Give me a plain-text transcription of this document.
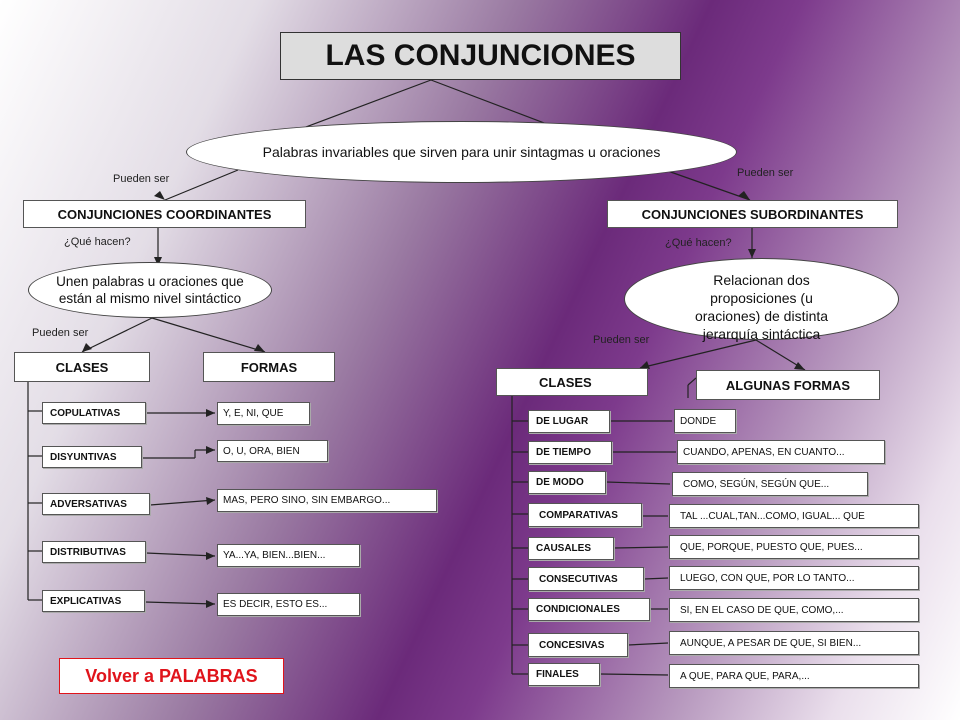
LAS CONJUNCIONES
Palabras invariables que sirven para unir sintagmas u oraciones
Pueden ser	Pueden ser
CONJUNCIONES COORDINANTES	CONJUNCIONES SUBORDINANTES
¿Qué hacen?	¿Qué hacen?
Unen palabras u oraciones que están al mismo nivel sintáctico
Relacionan dos proposiciones (u oraciones) de distinta jerarquía sintáctica
Pueden ser
Pueden ser
CLASES	FORMAS
COPULATIVAS
DISYUNTIVAS
ADVERSATIVAS
DISTRIBUTIVAS
EXPLICATIVAS
Y, E, NI, QUE
O, U, ORA, BIEN
MAS, PERO SINO, SIN EMBARGO...
YA...YA, BIEN...BIEN...
ES DECIR, ESTO ES...
CLASES	ALGUNAS FORMAS
DE LUGAR
DE TIEMPO
DE MODO
COMPARATIVAS
CAUSALES
CONSECUTIVAS
CONDICIONALES
CONCESIVAS
FINALES
DONDE
CUANDO, APENAS, EN CUANTO...
COMO, SEGÚN, SEGÚN QUE...
TAL ...CUAL,TAN...COMO, IGUAL... QUE
QUE, PORQUE, PUESTO QUE, PUES...
LUEGO, CON QUE, POR LO TANTO...
SI, EN EL CASO DE QUE, COMO,...
AUNQUE, A PESAR DE QUE, SI BIEN...
A QUE, PARA QUE, PARA,...
Volver a PALABRAS
